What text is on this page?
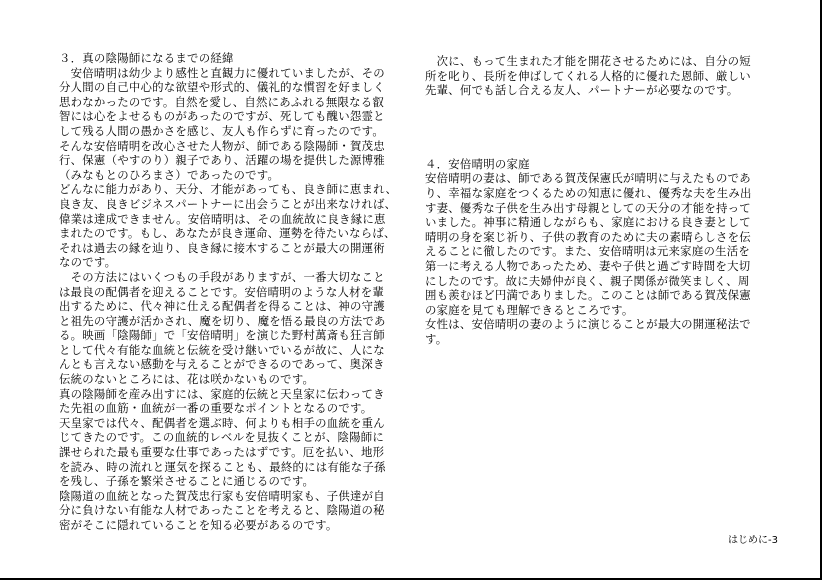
３．真の陰陽師になるまでの経緯
　安倍晴明は幼少より感性と直観力に優れていましたが、その
分人間の自己中心的な欲望や形式的、儀礼的な慣習を好ましく
思わなかったのです。自然を愛し、自然にあふれる無限なる叡
智には心をよせるものがあったのですが、死しても醜い怨霊と
して残る人間の愚かさを感じ、友人も作らずに育ったのです。
そんな安倍晴明を改心させた人物が、師である陰陽師・賀茂忠
行、保憲（やすのり）親子であり、活躍の場を提供した源博雅
（みなもとのひろまさ）であったのです。
どんなに能力があり、天分、才能があっても、良き師に恵まれ、
良き友、良きビジネスパートナーに出会うことが出来なければ、
偉業は達成できません。安倍晴明は、その血統故に良き縁に恵
まれたのです。もし、あなたが良き運命、運勢を待たいならば、
それは過去の縁を辿り、良き縁に接木することが最大の開運術
なのです。
　その方法にはいくつもの手段がありますが、一番大切なこと
は最良の配偶者を迎えることです。安倍晴明のような人材を輩
出するために、代々神に仕える配偶者を得ることは、神の守護
と祖先の守護が活かされ、魔を切り、魔を悟る最良の方法であ
る。映画「陰陽師」で「安倍晴明」を演じた野村萬斎も狂言師
として代々有能な血統と伝統を受け継いでいるが故に、人にな
んとも言えない感動を与えることができるのであって、奥深き
伝統のないところには、花は咲かないものです。
真の陰陽師を産み出すには、家庭的伝統と天皇家に伝わってき
た先祖の血筋・血統が一番の重要なポイントとなるのです。
天皇家では代々、配偶者を選ぶ時、何よりも相手の血統を重ん
じてきたのです。この血統的レベルを見抜くことが、陰陽師に
課せられた最も重要な仕事であったはずです。厄を払い、地形
を読み、時の流れと運気を探ることも、最終的には有能な子孫
を残し、子孫を繁栄させることに通じるのです。
陰陽道の血統となった賀茂忠行家も安倍晴明家も、子供達が自
分に負けない有能な人材であったことを考えると、陰陽道の秘
密がそこに隠れていることを知る必要があるのです。
　次に、もって生まれた才能を開花させるためには、自分の短
所を叱り、長所を伸ばしてくれる人格的に優れた恩師、厳しい
先輩、何でも話し合える友人、パートナーが必要なのです。
４．安倍晴明の家庭
安倍晴明の妻は、師である賀茂保憲氏が晴明に与えたものであ
り、幸福な家庭をつくるための知恵に優れ、優秀な夫を生み出
す妻、優秀な子供を生み出す母親としての天分の才能を持って
いました。神事に精通しながらも、家庭における良き妻として
晴明の身を案じ祈り、子供の教育のために夫の素晴らしさを伝
えることに徹したのです。また、安倍晴明は元来家庭の生活を
第一に考える人物であったため、妻や子供と過ごす時間を大切
にしたのです。故に夫婦仲が良く、親子関係が微笑ましく、周
囲も羨むほど円満でありました。このことは師である賀茂保憲
の家庭を見ても理解できるところです。
女性は、安倍晴明の妻のように演じることが最大の開運秘法で
す。
はじめに-3
